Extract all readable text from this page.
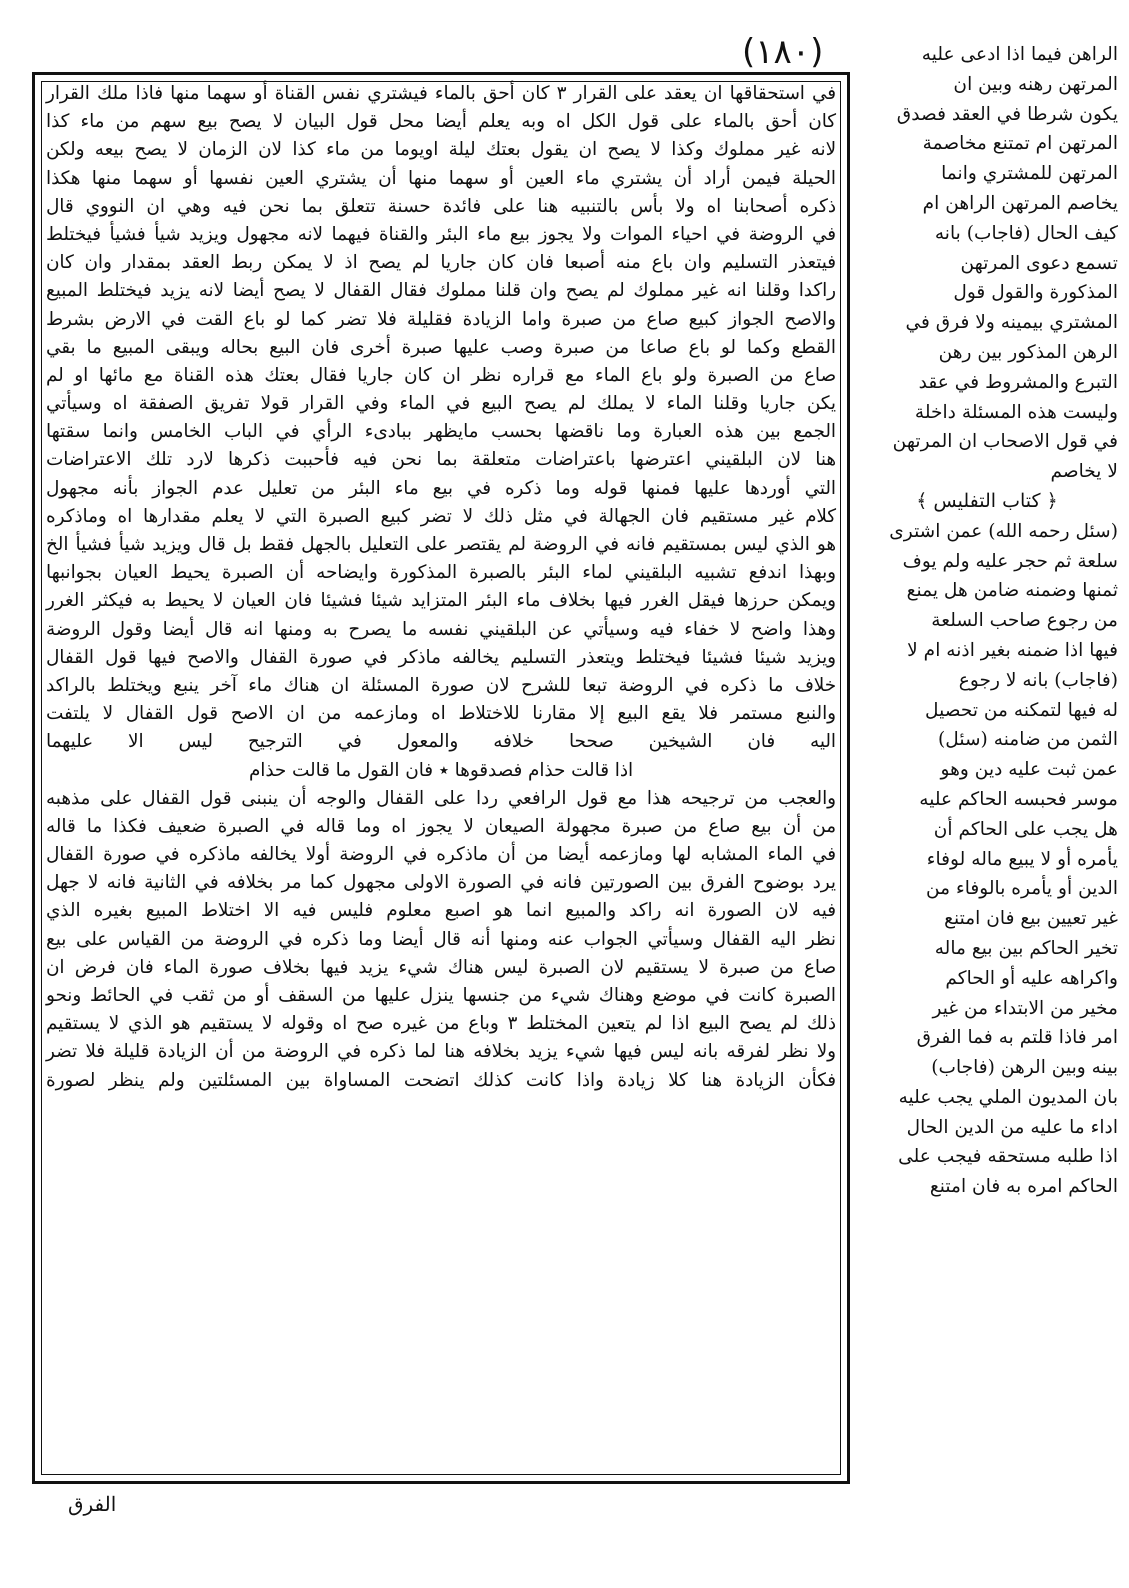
(١٨٠)
في استحقاقها ان يعقد على القرار ٣ كان أحق بالماء فيشتري نفس القناة أو سهما منها فاذا ملك القرار
كان أحق بالماء على قول الكل اه وبه يعلم أيضا محل قول البيان لا يصح بيع سهم من ماء كذا
لانه غير مملوك وكذا لا يصح ان يقول بعتك ليلة اويوما من ماء كذا لان الزمان لا يصح بيعه ولكن
الحيلة فيمن أراد أن يشتري ماء العين أو سهما منها أن يشتري العين نفسها أو سهما منها هكذا
ذكره أصحابنا اه ولا بأس بالتنبيه هنا على فائدة حسنة تتعلق بما نحن فيه وهي ان النووي قال
في الروضة في احياء الموات ولا يجوز بيع ماء البئر والقناة فيهما لانه مجهول ويزيد شيأ فشيأ فيختلط
فيتعذر التسليم وان باع منه أصبعا فان كان جاريا لم يصح اذ لا يمكن ربط العقد بمقدار وان كان
راكدا وقلنا انه غير مملوك لم يصح وان قلنا مملوك فقال القفال لا يصح أيضا لانه يزيد فيختلط المبيع
والاصح الجواز كبيع صاع من صبرة واما الزيادة فقليلة فلا تضر كما لو باع القت في الارض بشرط
القطع وكما لو باع صاعا من صبرة وصب عليها صبرة أخرى فان البيع بحاله ويبقى المبيع ما بقي
صاع من الصبرة ولو باع الماء مع قراره نظر ان كان جاريا فقال بعتك هذه القناة مع مائها او لم
يكن جاريا وقلنا الماء لا يملك لم يصح البيع في الماء وفي القرار قولا تفريق الصفقة اه وسيأتي
الجمع بين هذه العبارة وما ناقضها بحسب مايظهر ببادىء الرأي في الباب الخامس وانما سقتها
هنا لان البلقيني اعترضها باعتراضات متعلقة بما نحن فيه فأحببت ذكرها لارد تلك الاعتراضات
التي أوردها عليها فمنها قوله وما ذكره في بيع ماء البئر من تعليل عدم الجواز بأنه مجهول
كلام غير مستقيم فان الجهالة في مثل ذلك لا تضر كبيع الصبرة التي لا يعلم مقدارها اه وماذكره
هو الذي ليس بمستقيم فانه في الروضة لم يقتصر على التعليل بالجهل فقط بل قال ويزيد شيأ فشيأ الخ
وبهذا اندفع تشبيه البلقيني لماء البئر بالصبرة المذكورة وايضاحه أن الصبرة يحيط العيان بجوانبها
ويمكن حرزها فيقل الغرر فيها بخلاف ماء البئر المتزايد شيئا فشيئا فان العيان لا يحيط به فيكثر الغرر
وهذا واضح لا خفاء فيه وسيأتي عن البلقيني نفسه ما يصرح به ومنها انه قال أيضا وقول الروضة
ويزيد شيئا فشيئا فيختلط ويتعذر التسليم يخالفه ماذكر في صورة القفال والاصح فيها قول القفال
خلاف ما ذكره في الروضة تبعا للشرح لان صورة المسئلة ان هناك ماء آخر ينبع ويختلط بالراكد
والنبع مستمر فلا يقع البيع إلا مقارنا للاختلاط اه ومازعمه من ان الاصح قول القفال لا يلتفت
اليه فان الشيخين صححا خلافه والمعول في الترجيح ليس الا عليهما
اذا قالت حذام فصدقوها ٭ فان القول ما قالت حذام
والعجب من ترجيحه هذا مع قول الرافعي ردا على القفال والوجه أن ينبنى قول القفال على مذهبه
من أن بيع صاع من صبرة مجهولة الصيعان لا يجوز اه وما قاله في الصبرة ضعيف فكذا ما قاله
في الماء المشابه لها ومازعمه أيضا من أن ماذكره في الروضة أولا يخالفه ماذكره في صورة القفال
يرد بوضوح الفرق بين الصورتين فانه في الصورة الاولى مجهول كما مر بخلافه في الثانية فانه لا جهل
فيه لان الصورة انه راكد والمبيع انما هو اصبع معلوم فليس فيه الا اختلاط المبيع بغيره الذي
نظر اليه القفال وسيأتي الجواب عنه ومنها أنه قال أيضا وما ذكره في الروضة من القياس على بيع
صاع من صبرة لا يستقيم لان الصبرة ليس هناك شيء يزيد فيها بخلاف صورة الماء فان فرض ان
الصبرة كانت في موضع وهناك شيء من جنسها ينزل عليها من السقف أو من ثقب في الحائط ونحو
ذلك لم يصح البيع اذا لم يتعين المختلط ٣ وباع من غيره صح اه وقوله لا يستقيم هو الذي لا يستقيم
ولا نظر لفرقه بانه ليس فيها شيء يزيد بخلافه هنا لما ذكره في الروضة من أن الزيادة قليلة فلا تضر
فكأن الزيادة هنا كلا زيادة واذا كانت كذلك اتضحت المساواة بين المسئلتين ولم ينظر لصورة
الراهن فيما اذا ادعى عليه
المرتهن رهنه وبين ان
يكون شرطا في العقد فصدق
المرتهن ام تمتنع مخاصمة
المرتهن للمشتري وانما
يخاصم المرتهن الراهن ام
كيف الحال (فاجاب) بانه
تسمع دعوى المرتهن
المذكورة والقول قول
المشتري بيمينه ولا فرق في
الرهن المذكور بين رهن
التبرع والمشروط في عقد
وليست هذه المسئلة داخلة
في قول الاصحاب ان المرتهن
لا يخاصم
﴿ كتاب التفليس ﴾
(سئل رحمه الله) عمن اشترى
سلعة ثم حجر عليه ولم يوف
ثمنها وضمنه ضامن هل يمنع
من رجوع صاحب السلعة
فيها اذا ضمنه بغير اذنه ام لا
(فاجاب) بانه لا رجوع
له فيها لتمكنه من تحصيل
الثمن من ضامنه (سئل)
عمن ثبت عليه دين وهو
موسر فحبسه الحاكم عليه
هل يجب على الحاكم أن
يأمره أو لا يبيع ماله لوفاء
الدين أو يأمره بالوفاء من
غير تعيين بيع فان امتنع
تخير الحاكم بين بيع ماله
واكراهه عليه أو الحاكم
مخير من الابتداء من غير
امر فاذا قلتم به فما الفرق
بينه وبين الرهن (فاجاب)
بان المديون الملي يجب عليه
اداء ما عليه من الدين الحال
اذا طلبه مستحقه فيجب على
الحاكم امره به فان امتنع
الفرق
